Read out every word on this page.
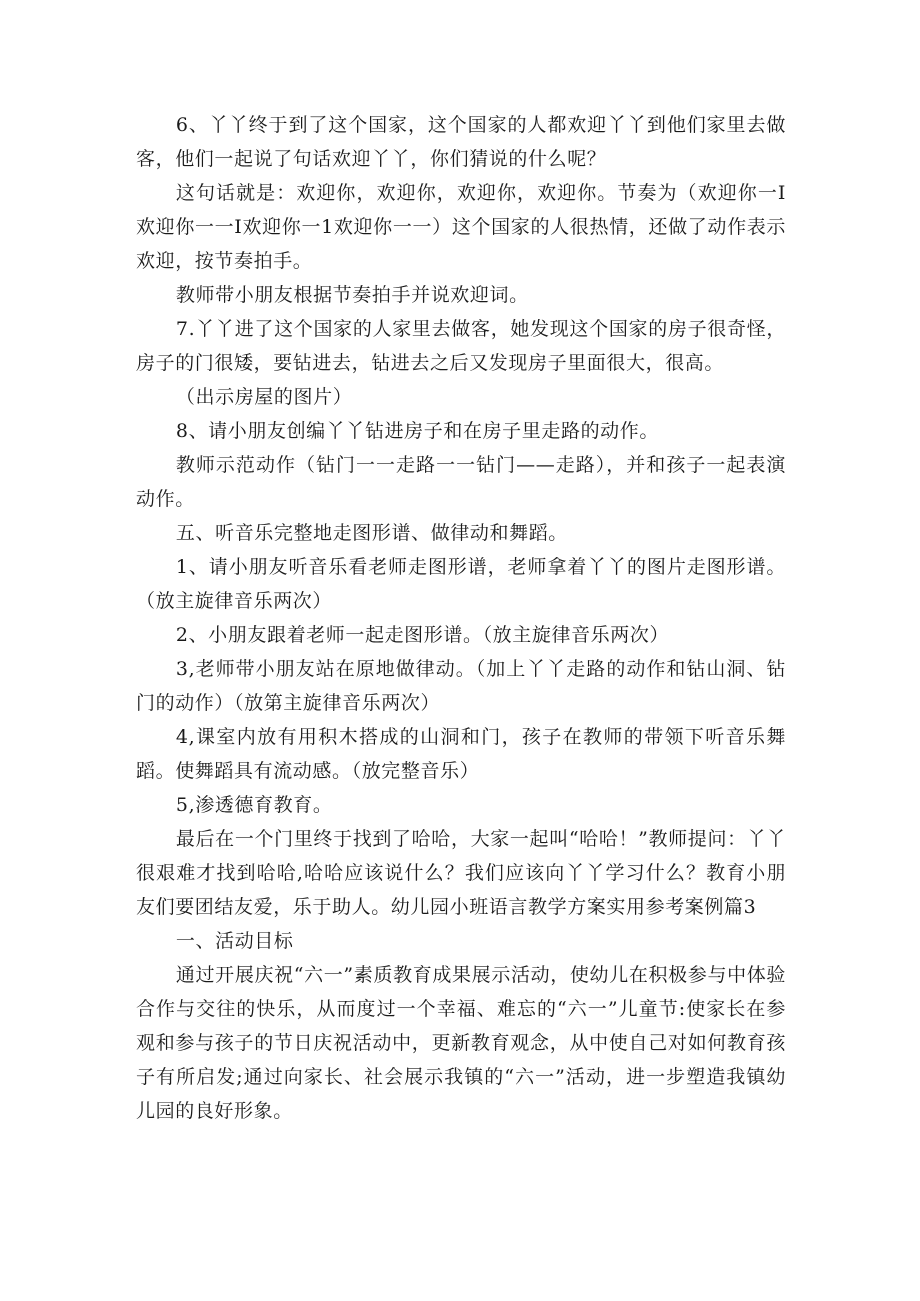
6、丫丫终于到了这个国家，这个国家的人都欢迎丫丫到他们家里去做客，他们一起说了句话欢迎丫丫，你们猜说的什么呢？

这句话就是：欢迎你，欢迎你，欢迎你，欢迎你。节奏为（欢迎你一I欢迎你一一I欢迎你一1欢迎你一一）这个国家的人很热情，还做了动作表示欢迎，按节奏拍手。

教师带小朋友根据节奏拍手并说欢迎词。

7.丫丫进了这个国家的人家里去做客，她发现这个国家的房子很奇怪，房子的门很矮，要钻进去，钻进去之后又发现房子里面很大，很高。

（出示房屋的图片）

8、请小朋友创编丫丫钻进房子和在房子里走路的动作。

教师示范动作（钻门一一走路一一钻门——走路），并和孩子一起表演动作。

五、听音乐完整地走图形谱、做律动和舞蹈。

1、请小朋友听音乐看老师走图形谱，老师拿着丫丫的图片走图形谱。（放主旋律音乐两次）

2、小朋友跟着老师一起走图形谱。（放主旋律音乐两次）

3,老师带小朋友站在原地做律动。（加上丫丫走路的动作和钻山洞、钻门的动作）（放第主旋律音乐两次）

4,课室内放有用积木搭成的山洞和门，孩子在教师的带领下听音乐舞蹈。使舞蹈具有流动感。（放完整音乐）

5,渗透德育教育。

最后在一个门里终于找到了哈哈，大家一起叫“哈哈！”教师提问：丫丫很艰难才找到哈哈,哈哈应该说什么？我们应该向丫丫学习什么？教育小朋友们要团结友爱，乐于助人。幼儿园小班语言教学方案实用参考案例篇3

一、活动目标

通过开展庆祝“六一”素质教育成果展示活动，使幼儿在积极参与中体验合作与交往的快乐，从而度过一个幸福、难忘的“六一”儿童节:使家长在参观和参与孩子的节日庆祝活动中，更新教育观念，从中使自己对如何教育孩子有所启发;通过向家长、社会展示我镇的“六一”活动，进一步塑造我镇幼儿园的良好形象。
